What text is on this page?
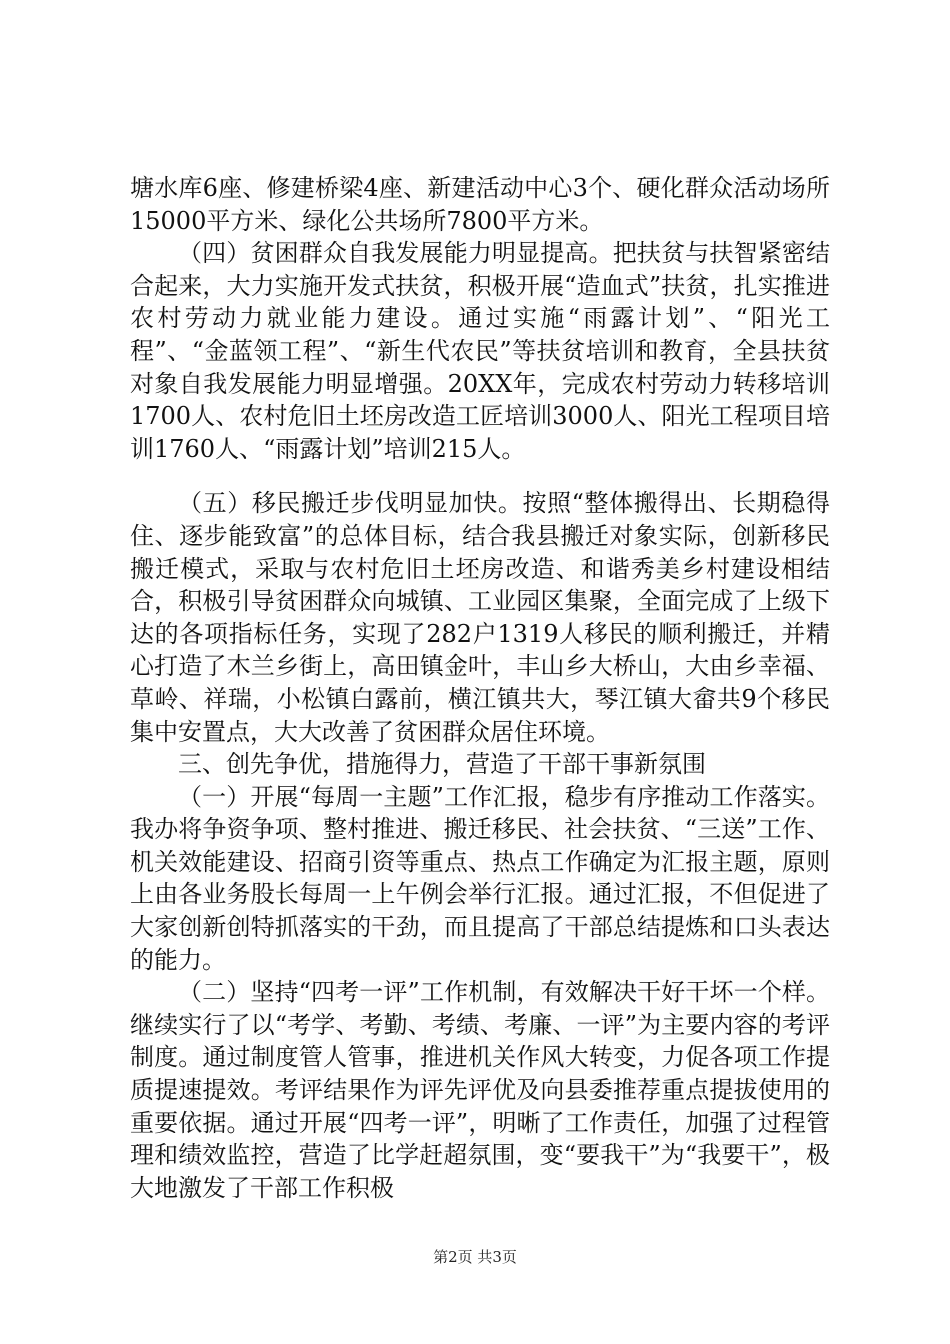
塘水库6座、修建桥梁4座、新建活动中心3个、硬化群众活动场所15000平方米、绿化公共场所7800平方米。

（四）贫困群众自我发展能力明显提高。把扶贫与扶智紧密结合起来，大力实施开发式扶贫，积极开展“造血式”扶贫，扎实推进农村劳动力就业能力建设。通过实施“雨露计划”、“阳光工程”、“金蓝领工程”、“新生代农民”等扶贫培训和教育，全县扶贫对象自我发展能力明显增强。20XX年，完成农村劳动力转移培训1700人、农村危旧土坯房改造工匠培训3000人、阳光工程项目培训1760人、“雨露计划”培训215人。

（五）移民搬迁步伐明显加快。按照“整体搬得出、长期稳得住、逐步能致富”的总体目标，结合我县搬迁对象实际，创新移民搬迁模式，采取与农村危旧土坯房改造、和谐秀美乡村建设相结合，积极引导贫困群众向城镇、工业园区集聚，全面完成了上级下达的各项指标任务，实现了282户1319人移民的顺利搬迁，并精心打造了木兰乡街上，高田镇金叶，丰山乡大桥山，大由乡幸福、草岭、祥瑞，小松镇白露前，横江镇共大，琴江镇大畲共9个移民集中安置点，大大改善了贫困群众居住环境。

三、创先争优，措施得力，营造了干部干事新氛围

（一）开展“每周一主题”工作汇报，稳步有序推动工作落实。我办将争资争项、整村推进、搬迁移民、社会扶贫、“三送”工作、机关效能建设、招商引资等重点、热点工作确定为汇报主题，原则上由各业务股长每周一上午例会举行汇报。通过汇报，不但促进了大家创新创特抓落实的干劲，而且提高了干部总结提炼和口头表达的能力。

（二）坚持“四考一评”工作机制，有效解决干好干坏一个样。继续实行了以“考学、考勤、考绩、考廉、一评”为主要内容的考评制度。通过制度管人管事，推进机关作风大转变，力促各项工作提质提速提效。考评结果作为评先评优及向县委推荐重点提拔使用的重要依据。通过开展“四考一评”，明晰了工作责任，加强了过程管理和绩效监控，营造了比学赶超氛围，变“要我干”为“我要干”，极大地激发了干部工作积极

第2页 共3页
